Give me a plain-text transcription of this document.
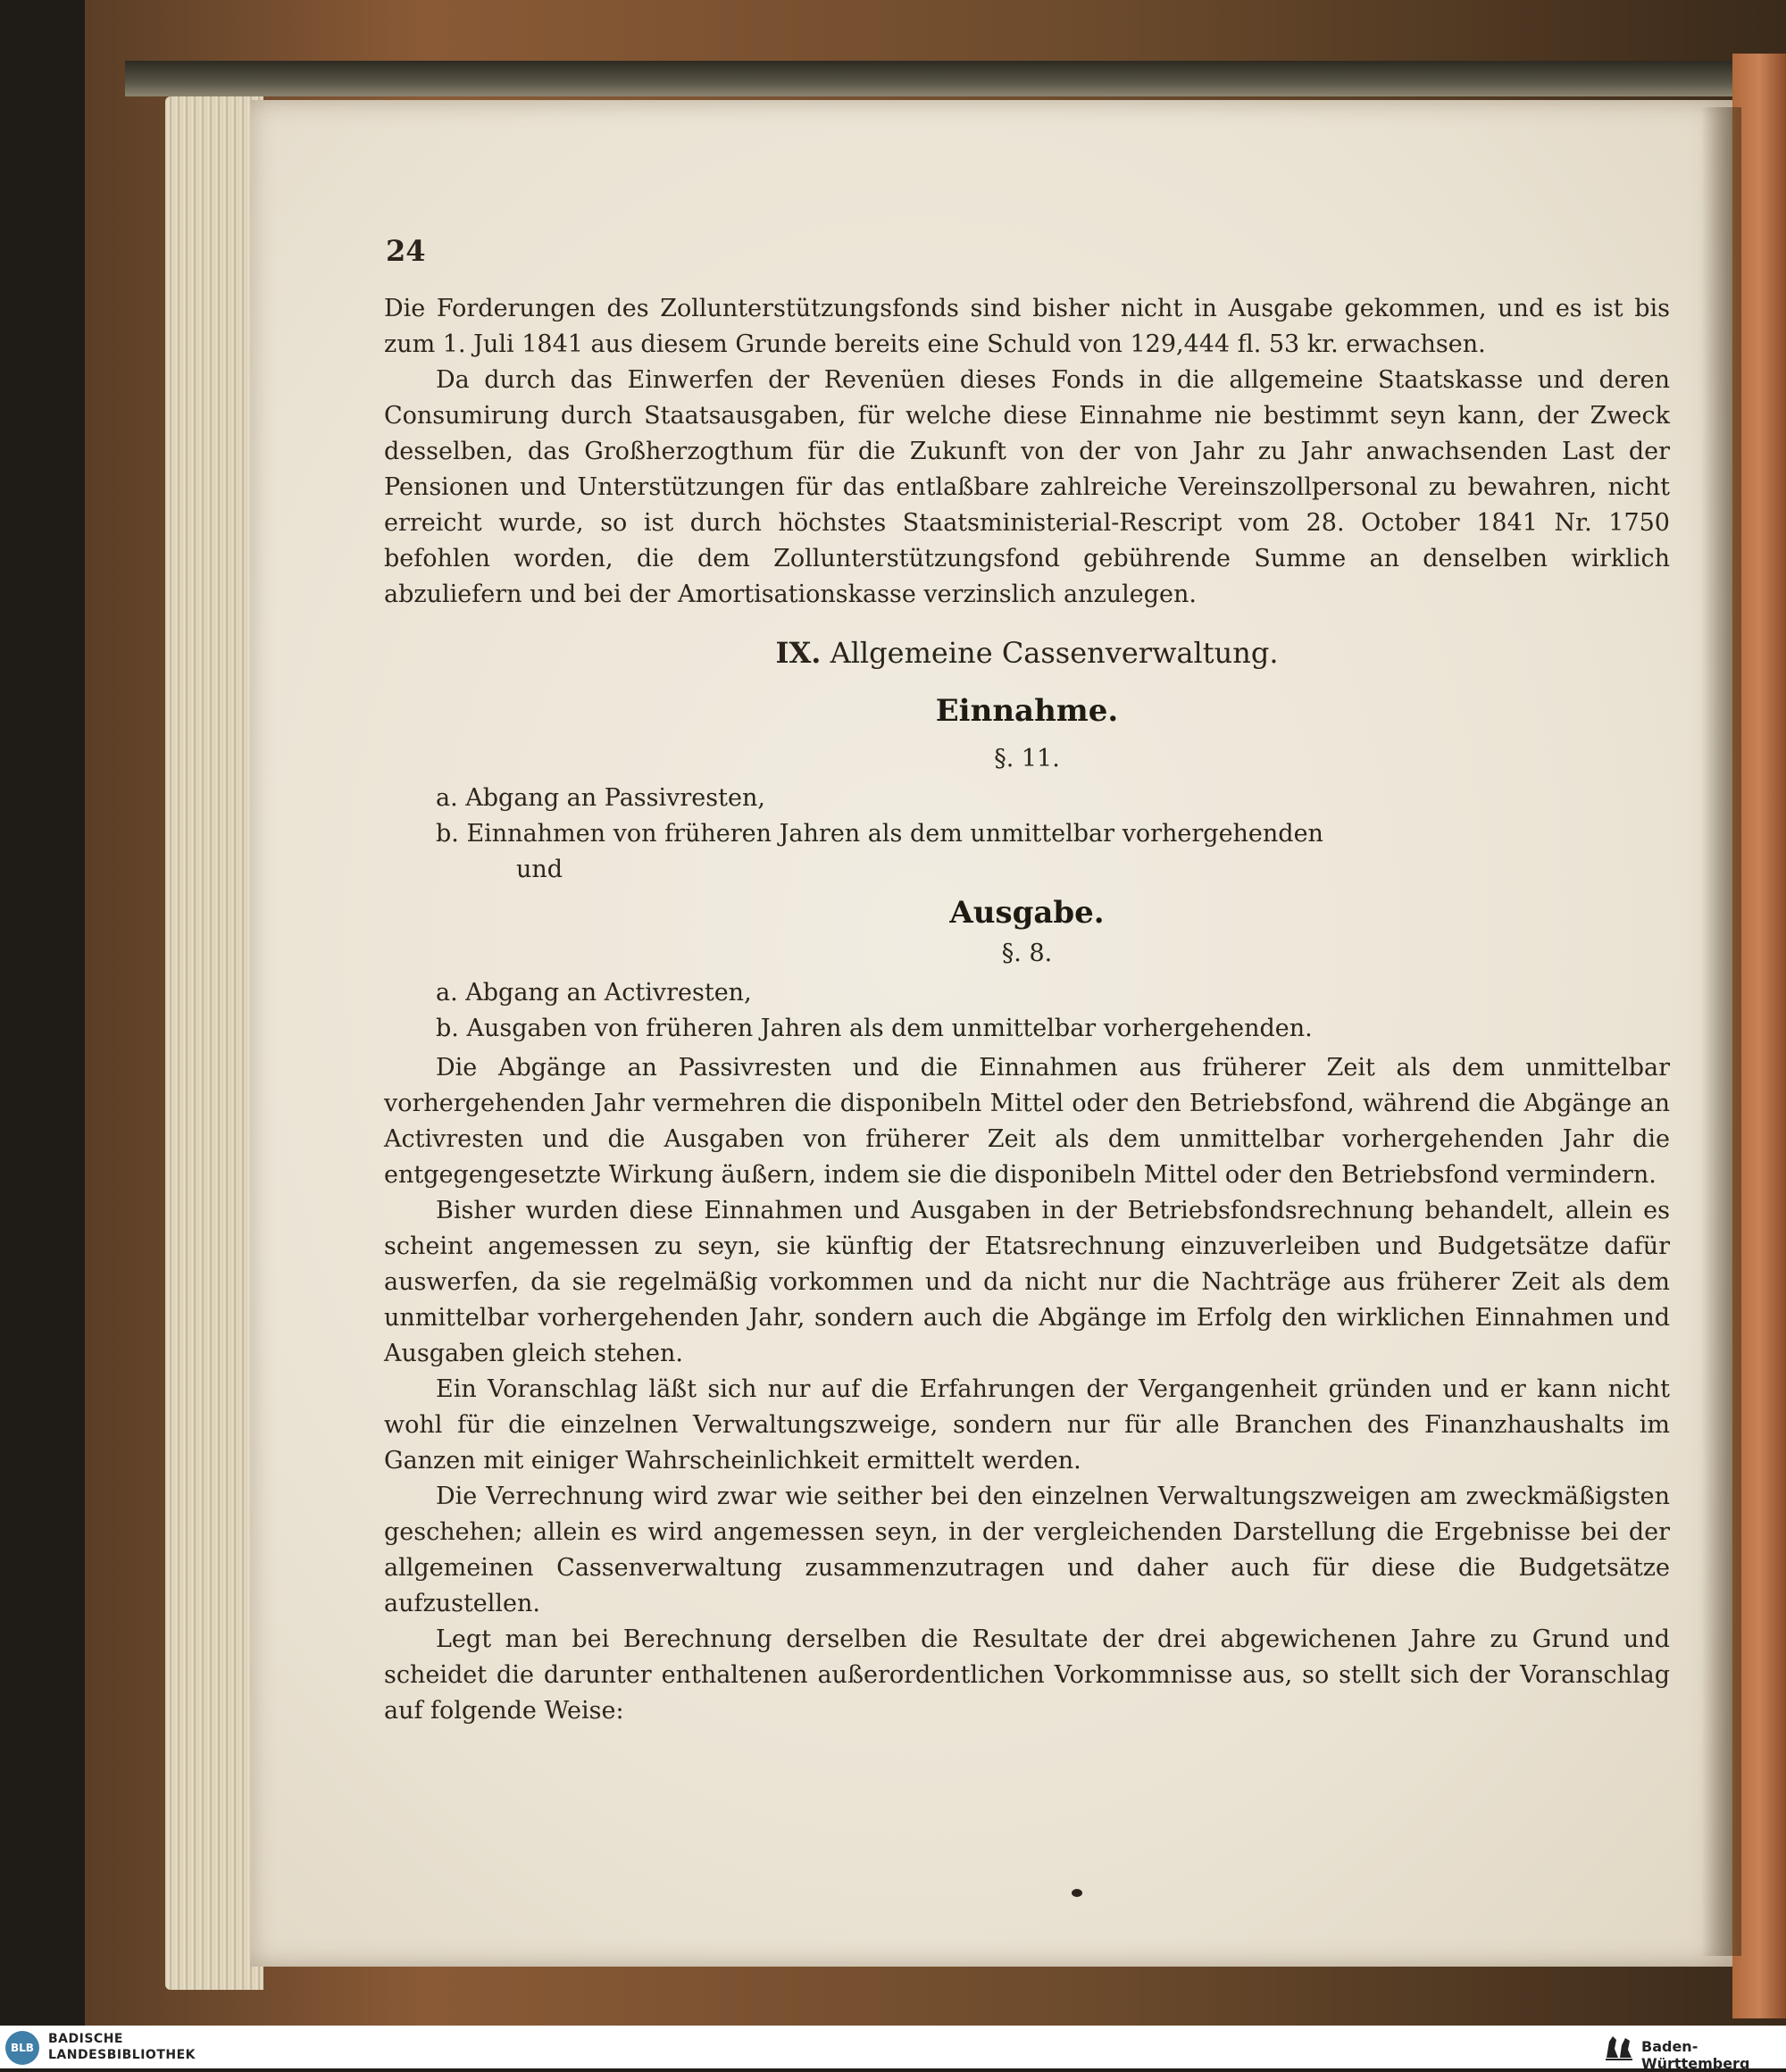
24

Die Forderungen des Zollunterstützungsfonds sind bisher nicht in Ausgabe gekommen, und es ist bis zum 1. Juli 1841 aus diesem Grunde bereits eine Schuld von 129,444 fl. 53 kr. erwachsen.

Da durch das Einwerfen der Revenüen dieses Fonds in die allgemeine Staatskasse und deren Consumirung durch Staatsausgaben, für welche diese Einnahme nie bestimmt seyn kann, der Zweck desselben, das Großherzogthum für die Zukunft von der von Jahr zu Jahr anwachsenden Last der Pensionen und Unterstützungen für das entlaßbare zahlreiche Vereinszollpersonal zu bewahren, nicht erreicht wurde, so ist durch höchstes Staatsministerial-Rescript vom 28. October 1841 Nr. 1750 befohlen worden, die dem Zollunterstützungsfond gebührende Summe an denselben wirklich abzuliefern und bei der Amortisationskasse verzinslich anzulegen.

IX. Allgemeine Cassenverwaltung.
Einnahme.
§. 11.
a. Abgang an Passivresten,
b. Einnahmen von früheren Jahren als dem unmittelbar vorhergehenden
und
Ausgabe.
§. 8.
a. Abgang an Activresten,
b. Ausgaben von früheren Jahren als dem unmittelbar vorhergehenden.

Die Abgänge an Passivresten und die Einnahmen aus früherer Zeit als dem unmittelbar vorhergehenden Jahr vermehren die disponibeln Mittel oder den Betriebsfond, während die Abgänge an Activresten und die Ausgaben von früherer Zeit als dem unmittelbar vorhergehenden Jahr die entgegengesetzte Wirkung äußern, indem sie die disponibeln Mittel oder den Betriebsfond vermindern.

Bisher wurden diese Einnahmen und Ausgaben in der Betriebsfondsrechnung behandelt, allein es scheint angemessen zu seyn, sie künftig der Etatsrechnung einzuverleiben und Budgetsätze dafür auswerfen, da sie regelmäßig vorkommen und da nicht nur die Nachträge aus früherer Zeit als dem unmittelbar vorhergehenden Jahr, sondern auch die Abgänge im Erfolg den wirklichen Einnahmen und Ausgaben gleich stehen.

Ein Voranschlag läßt sich nur auf die Erfahrungen der Vergangenheit gründen und er kann nicht wohl für die einzelnen Verwaltungszweige, sondern nur für alle Branchen des Finanzhaushalts im Ganzen mit einiger Wahrscheinlichkeit ermittelt werden.

Die Verrechnung wird zwar wie seither bei den einzelnen Verwaltungszweigen am zweckmäßigsten geschehen; allein es wird angemessen seyn, in der vergleichenden Darstellung die Ergebnisse bei der allgemeinen Cassenverwaltung zusammenzutragen und daher auch für diese die Budgetsätze aufzustellen.

Legt man bei Berechnung derselben die Resultate der drei abgewichenen Jahre zu Grund und scheidet die darunter enthaltenen außerordentlichen Vorkommnisse aus, so stellt sich der Voranschlag auf folgende Weise:

BLB
BADISCHE
LANDESBIBLIOTHEK	Baden-Württemberg
